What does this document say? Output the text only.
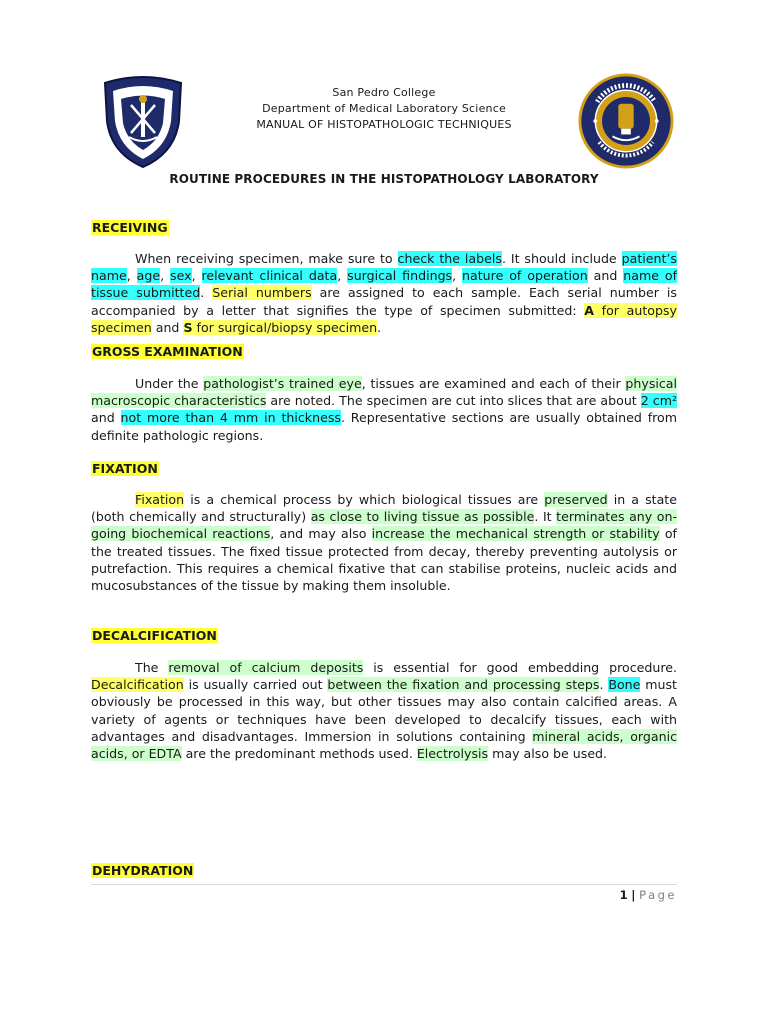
San Pedro College
Department of Medical Laboratory Science
MANUAL OF HISTOPATHOLOGIC TECHNIQUES
ROUTINE PROCEDURES IN THE HISTOPATHOLOGY LABORATORY
RECEIVING

When receiving specimen, make sure to check the labels. It should include patient’s name, age, sex, relevant clinical data, surgical findings, nature of operation and name of tissue submitted. Serial numbers are assigned to each sample. Each serial number is accompanied by a letter that signifies the type of specimen submitted: A for autopsy specimen and S for surgical/biopsy specimen.

GROSS EXAMINATION

Under the pathologist’s trained eye, tissues are examined and each of their physical macroscopic characteristics are noted. The specimen are cut into slices that are about 2 cm² and not more than 4 mm in thickness. Representative sections are usually obtained from definite pathologic regions.

FIXATION

Fixation is a chemical process by which biological tissues are preserved in a state (both chemically and structurally) as close to living tissue as possible. It terminates any on-going biochemical reactions, and may also increase the mechanical strength or stability of the treated tissues. The fixed tissue protected from decay, thereby preventing autolysis or putrefaction. This requires a chemical fixative that can stabilise proteins, nucleic acids and mucosubstances of the tissue by making them insoluble.

DECALCIFICATION

The removal of calcium deposits is essential for good embedding procedure. Decalcification is usually carried out between the fixation and processing steps. Bone must obviously be processed in this way, but other tissues may also contain calcified areas. A variety of agents or techniques have been developed to decalcify tissues, each with advantages and disadvantages. Immersion in solutions containing mineral acids, organic acids, or EDTA are the predominant methods used. Electrolysis may also be used.

DEHYDRATION
1 | Page
